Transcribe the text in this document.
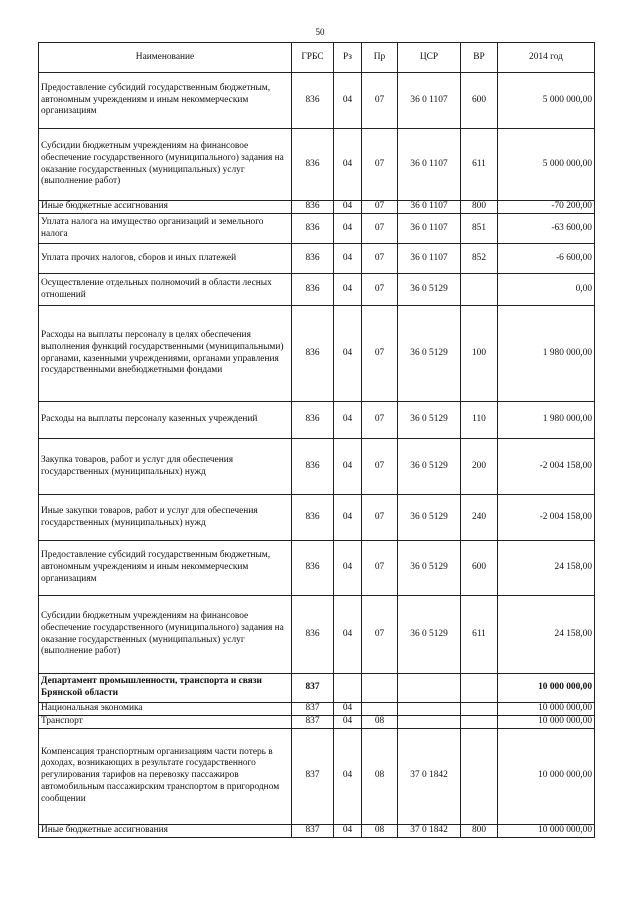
50
Наименование	ГРБС	Рз	Пр	ЦСР	ВР	2014 год
Предоставление субсидий государственным бюджетным, автономным учреждениям и иным некоммерческим организациям	836	04	07	36 0 1107	600	5 000 000,00
Субсидии бюджетным учреждениям на финансовое обеспечение государственного (муниципального) задания на оказание государственных (муниципальных) услуг (выполнение работ)	836	04	07	36 0 1107	611	5 000 000,00
Иные бюджетные ассигнования	836	04	07	36 0 1107	800	-70 200,00
Уплата налога на имущество организаций и земельного налога	836	04	07	36 0 1107	851	-63 600,00
Уплата прочих налогов, сборов и иных платежей	836	04	07	36 0 1107	852	-6 600,00
Осуществление отдельных полномочий в области лесных отношений	836	04	07	36 0 5129		0,00
Расходы на выплаты персоналу в целях обеспечения выполнения функций государственными (муниципальными) органами, казенными учреждениями, органами управления государственными внебюджетными фондами	836	04	07	36 0 5129	100	1 980 000,00
Расходы на выплаты персоналу казенных учреждений	836	04	07	36 0 5129	110	1 980 000,00
Закупка товаров, работ и услуг для обеспечения государственных (муниципальных) нужд	836	04	07	36 0 5129	200	-2 004 158,00
Иные закупки товаров, работ и услуг для обеспечения государственных (муниципальных) нужд	836	04	07	36 0 5129	240	-2 004 158,00
Предоставление субсидий государственным бюджетным, автономным учреждениям и иным некоммерческим организациям	836	04	07	36 0 5129	600	24 158,00
Субсидии бюджетным учреждениям на финансовое обеспечение государственного (муниципального) задания на оказание государственных (муниципальных) услуг (выполнение работ)	836	04	07	36 0 5129	611	24 158,00
Департамент промышленности, транспорта и связи Брянской области	837					10 000 000,00
Национальная экономика	837	04				10 000 000,00
Транспорт	837	04	08			10 000 000,00
Компенсация транспортным организациям части потерь в доходах, возникающих в результате государственного регулирования тарифов на перевозку пассажиров автомобильным пассажирским транспортом в пригородном сообщении	837	04	08	37 0 1842		10 000 000,00
Иные бюджетные ассигнования	837	04	08	37 0 1842	800	10 000 000,00
